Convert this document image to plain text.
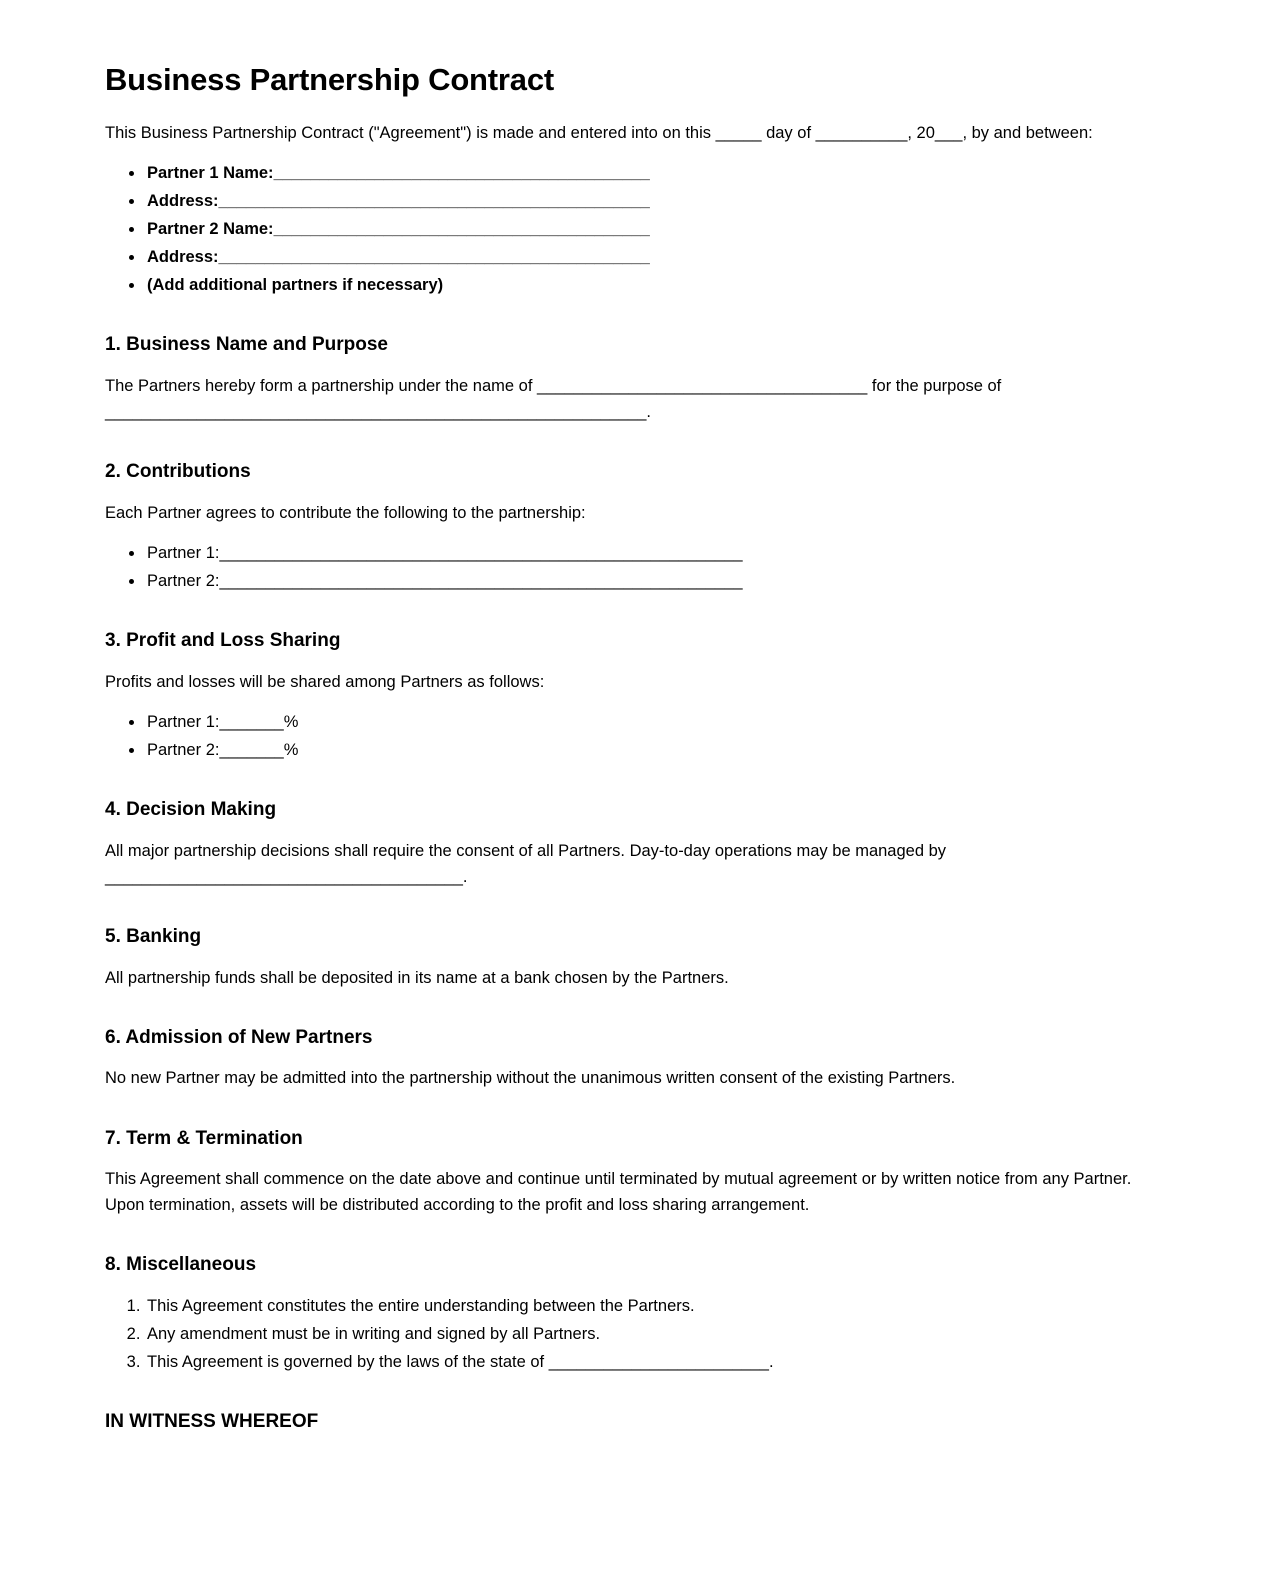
Business Partnership Contract

This Business Partnership Contract ("Agreement") is made and entered into on this _____ day of __________, 20___, by and between:

• Partner 1 Name:_________________________________________
• Address:_______________________________________________
• Partner 2 Name:_________________________________________
• Address:_______________________________________________
• (Add additional partners if necessary)
1. Business Name and Purpose

The Partners hereby form a partnership under the name of ____________________________________ for the purpose of ___________________________________________________________.

2. Contributions

Each Partner agrees to contribute the following to the partnership:

• Partner 1:_________________________________________________________
• Partner 2:_________________________________________________________
3. Profit and Loss Sharing

Profits and losses will be shared among Partners as follows:

• Partner 1:_______%
• Partner 2:_______%
4. Decision Making

All major partnership decisions shall require the consent of all Partners. Day-to-day operations may be managed by _______________________________________.

5. Banking

All partnership funds shall be deposited in its name at a bank chosen by the Partners.

6. Admission of New Partners

No new Partner may be admitted into the partnership without the unanimous written consent of the existing Partners.

7. Term & Termination

This Agreement shall commence on the date above and continue until terminated by mutual agreement or by written notice from any Partner. Upon termination, assets will be distributed according to the profit and loss sharing arrangement.

8. Miscellaneous
1. This Agreement constitutes the entire understanding between the Partners.
2. Any amendment must be in writing and signed by all Partners.
3. This Agreement is governed by the laws of the state of ________________________.
IN WITNESS WHEREOF
